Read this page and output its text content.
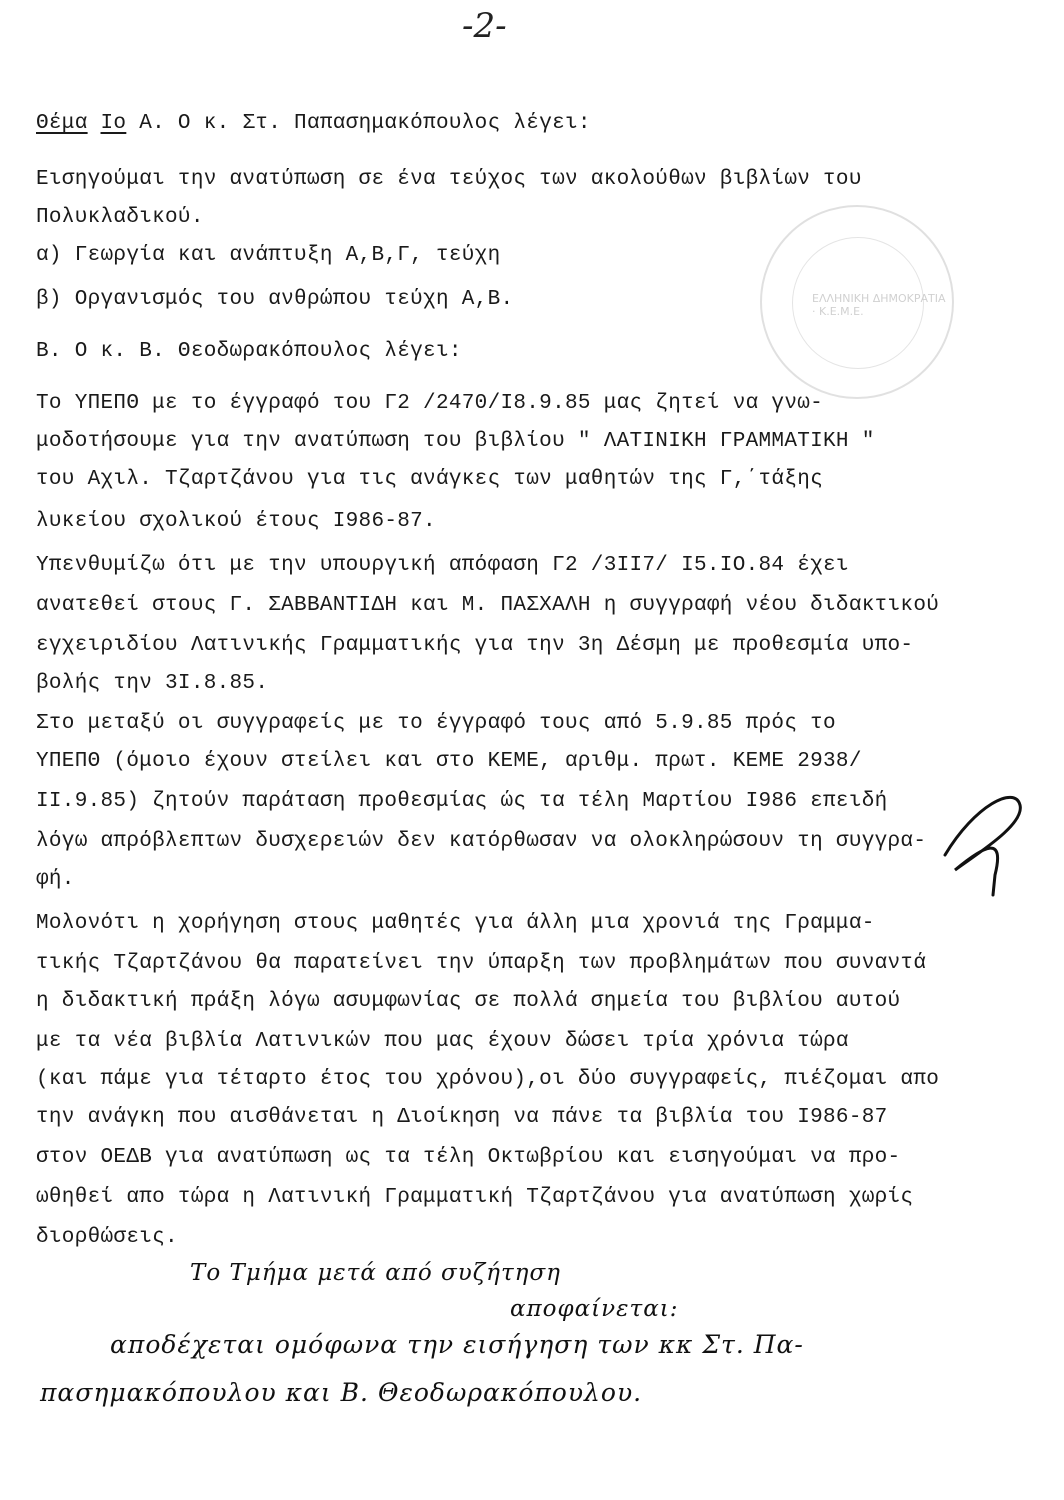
ΕΛΛΗΝΙΚΗ ΔΗΜΟΚΡΑΤΙΑ · Κ.Ε.Μ.Ε.
-2-
Θέμα Ιο Α. Ο κ. Στ. Παπασημακόπουλος λέγει:
Εισηγούμαι την ανατύπωση σε ένα τεύχος των ακολούθων βιβλίων του
Πολυκλαδικού.
α) Γεωργία και ανάπτυξη Α,Β,Γ, τεύχη
β) Οργανισμός του ανθρώπου τεύχη Α,Β.
Β. Ο κ. Β. Θεοδωρακόπουλος λέγει:
Το ΥΠΕΠΘ με το έγγραφό του Γ2 /2470/Ι8.9.85 μας ζητεί να γνω-
μοδοτήσουμε για την ανατύπωση του βιβλίου " ΛΑΤΙΝΙΚΗ ΓΡΑΜΜΑΤΙΚΗ "
του Αχιλ. Τζαρτζάνου για τις ανάγκες των μαθητών της Γ,΄τάξης
λυκείου σχολικού έτους Ι986-87.
Υπενθυμίζω ότι με την υπουργική απόφαση Γ2 /3ΙΙ7/ Ι5.ΙΟ.84 έχει
ανατεθεί στους Γ. ΣΑΒΒΑΝΤΙΔΗ και Μ. ΠΑΣΧΑΛΗ η συγγραφή νέου διδακτικού
εγχειριδίου Λατινικής Γραμματικής για την 3η Δέσμη με προθεσμία υπο-
βολής την 3Ι.8.85.
Στο μεταξύ οι συγγραφείς με το έγγραφό τους από 5.9.85 πρός το
ΥΠΕΠΘ (όμοιο έχουν στείλει και στο ΚΕΜΕ, αριθμ. πρωτ. ΚΕΜΕ 2938/
ΙΙ.9.85) ζητούν παράταση προθεσμίας ώς τα τέλη Μαρτίου Ι986 επειδή
λόγω απρόβλεπτων δυσχερειών δεν κατόρθωσαν να ολοκληρώσουν τη συγγρα-
φή.
Μολονότι η χορήγηση στους μαθητές για άλλη μια χρονιά της Γραμμα-
τικής Τζαρτζάνου θα παρατείνει την ύπαρξη των προβλημάτων που συναντά
η διδακτική πράξη λόγω ασυμφωνίας σε πολλά σημεία του βιβλίου αυτού
με τα νέα βιβλία Λατινικών που μας έχουν δώσει τρία χρόνια τώρα
(και πάμε για τέταρτο έτος του χρόνου),οι δύο συγγραφείς, πιέζομαι απο
την ανάγκη που αισθάνεται η Διοίκηση να πάνε τα βιβλία του Ι986-87
στον ΟΕΔΒ για ανατύπωση ως τα τέλη Οκτωβρίου και εισηγούμαι να προ-
ωθηθεί απο τώρα η Λατινική Γραμματική Τζαρτζάνου για ανατύπωση χωρίς
διορθώσεις.
Το Τμήμα μετά από συζήτηση
αποφαίνεται:
αποδέχεται ομόφωνα την εισήγηση των κκ Στ. Πα-
πασημακόπουλου και Β. Θεοδωρακόπουλου.
